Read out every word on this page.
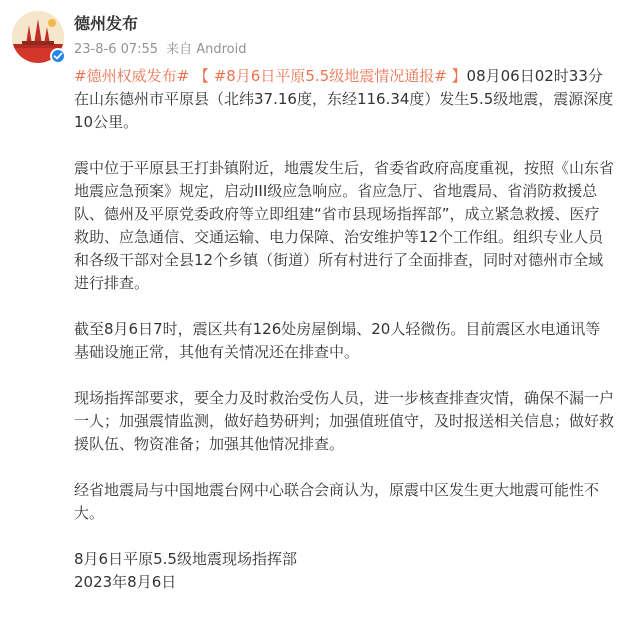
德州发布
23-8-6 07:55 来自 Android

#德州权威发布# 【 #8月6日平原5.5级地震情况通报# 】08月06日02时33分在山东德州市平原县（北纬37.16度，东经116.34度）发生5.5级地震，震源深度10公里。

震中位于平原县王打卦镇附近，地震发生后，省委省政府高度重视，按照《山东省地震应急预案》规定，启动III级应急响应。省应急厅、省地震局、省消防救援总队、德州及平原党委政府等立即组建“省市县现场指挥部”，成立紧急救援、医疗救助、应急通信、交通运输、电力保障、治安维护等12个工作组。组织专业人员和各级干部对全县12个乡镇（街道）所有村进行了全面排查，同时对德州市全域进行排查。

截至8月6日7时，震区共有126处房屋倒塌、20人轻微伤。目前震区水电通讯等基础设施正常，其他有关情况还在排查中。

现场指挥部要求，要全力及时救治受伤人员，进一步核查排查灾情，确保不漏一户一人；加强震情监测，做好趋势研判；加强值班值守，及时报送相关信息；做好救援队伍、物资准备；加强其他情况排查。

经省地震局与中国地震台网中心联合会商认为，原震中区发生更大地震可能性不大。

8月6日平原5.5级地震现场指挥部
2023年8月6日
